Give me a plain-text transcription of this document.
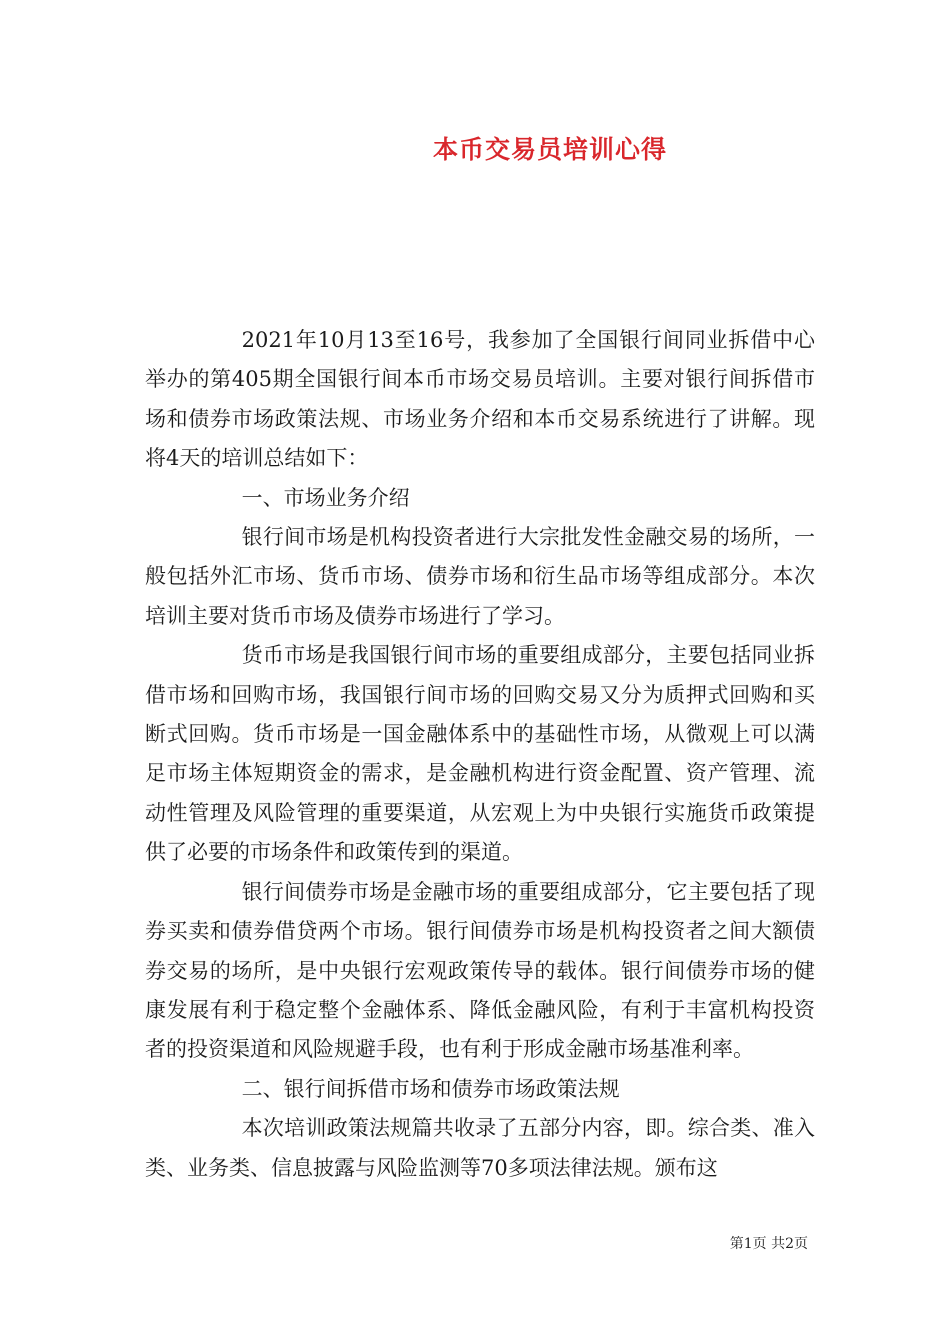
本币交易员培训心得

2021年10月13至16号，我参加了全国银行间同业拆借中心举办的第405期全国银行间本币市场交易员培训。主要对银行间拆借市场和债券市场政策法规、市场业务介绍和本币交易系统进行了讲解。现将4天的培训总结如下：

一、市场业务介绍

银行间市场是机构投资者进行大宗批发性金融交易的场所，一般包括外汇市场、货币市场、债券市场和衍生品市场等组成部分。本次培训主要对货币市场及债券市场进行了学习。

货币市场是我国银行间市场的重要组成部分，主要包括同业拆借市场和回购市场，我国银行间市场的回购交易又分为质押式回购和买断式回购。货币市场是一国金融体系中的基础性市场，从微观上可以满足市场主体短期资金的需求，是金融机构进行资金配置、资产管理、流动性管理及风险管理的重要渠道，从宏观上为中央银行实施货币政策提供了必要的市场条件和政策传到的渠道。

银行间债券市场是金融市场的重要组成部分，它主要包括了现券买卖和债券借贷两个市场。银行间债券市场是机构投资者之间大额债券交易的场所，是中央银行宏观政策传导的载体。银行间债券市场的健康发展有利于稳定整个金融体系、降低金融风险，有利于丰富机构投资者的投资渠道和风险规避手段，也有利于形成金融市场基准利率。

二、银行间拆借市场和债券市场政策法规

本次培训政策法规篇共收录了五部分内容，即。综合类、准入类、业务类、信息披露与风险监测等70多项法律法规。颁布这

第1页 共2页
